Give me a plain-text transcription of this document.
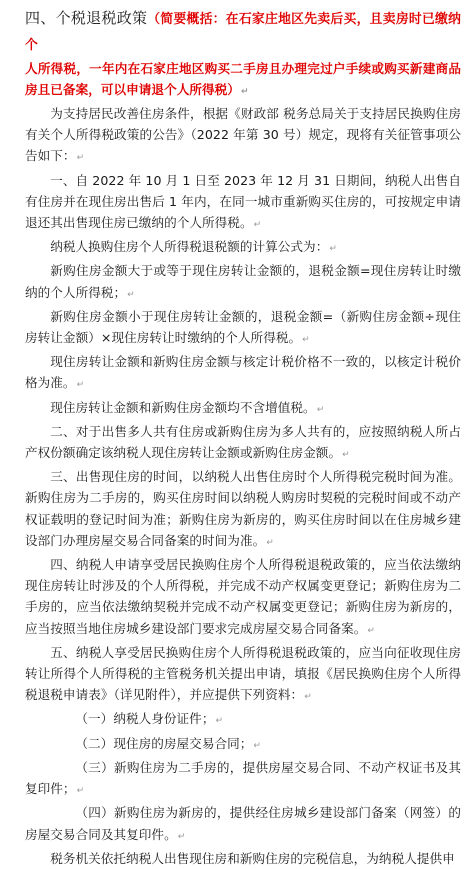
四、个税退税政策（简要概括：在石家庄地区先卖后买，且卖房时已缴纳个

人所得税，一年内在石家庄地区购买二手房且办理完过户手续或购买新建商品房且已备案，可以申请退个人所得税）↵

为支持居民改善住房条件，根据《财政部 税务总局关于支持居民换购住房有关个人所得税政策的公告》（2022 年第 30 号）规定，现将有关征管事项公告如下：↵

一、自 2022 年 10 月 1 日至 2023 年 12 月 31 日期间，纳税人出售自有住房并在现住房出售后 1 年内，在同一城市重新购买住房的，可按规定申请退还其出售现住房已缴纳的个人所得税。↵

纳税人换购住房个人所得税退税额的计算公式为：↵

新购住房金额大于或等于现住房转让金额的，退税金额=现住房转让时缴纳的个人所得税；↵

新购住房金额小于现住房转让金额的，退税金额=（新购住房金额÷现住房转让金额）×现住房转让时缴纳的个人所得税。↵

现住房转让金额和新购住房金额与核定计税价格不一致的，以核定计税价格为准。↵

现住房转让金额和新购住房金额均不含增值税。↵

二、对于出售多人共有住房或新购住房为多人共有的，应按照纳税人所占产权份额确定该纳税人现住房转让金额或新购住房金额。↵

三、出售现住房的时间，以纳税人出售住房时个人所得税完税时间为准。新购住房为二手房的，购买住房时间以纳税人购房时契税的完税时间或不动产权证载明的登记时间为准；新购住房为新房的，购买住房时间以在住房城乡建设部门办理房屋交易合同备案的时间为准。↵

四、纳税人申请享受居民换购住房个人所得税退税政策的，应当依法缴纳现住房转让时涉及的个人所得税，并完成不动产权属变更登记；新购住房为二手房的，应当依法缴纳契税并完成不动产权属变更登记；新购住房为新房的，应当按照当地住房城乡建设部门要求完成房屋交易合同备案。↵

五、纳税人享受居民换购住房个人所得税退税政策的，应当向征收现住房转让所得个人所得税的主管税务机关提出申请，填报《居民换购住房个人所得税退税申请表》（详见附件），并应提供下列资料：↵

（一）纳税人身份证件；↵

（二）现住房的房屋交易合同；↵

（三）新购住房为二手房的，提供房屋交易合同、不动产权证书及其复印件；↵

（四）新购住房为新房的，提供经住房城乡建设部门备案（网签）的房屋交易合同及其复印件。↵

税务机关依托纳税人出售现住房和新购住房的完税信息，为纳税人提供申
